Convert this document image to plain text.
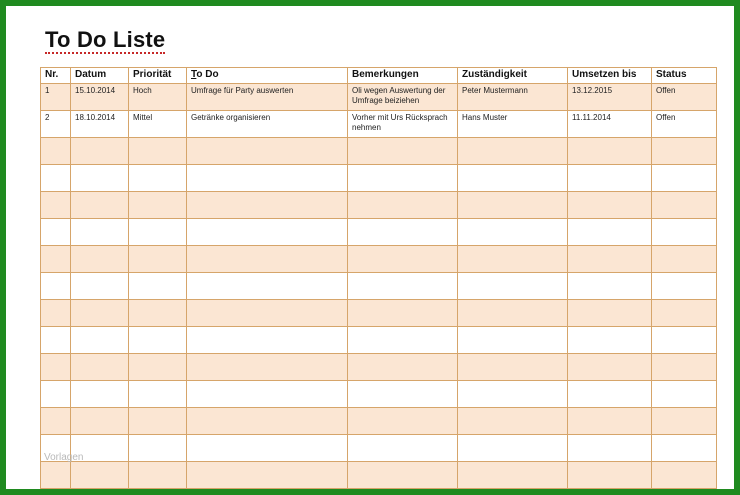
To Do Liste
Nr.	Datum	Priorität	To Do	Bemerkungen	Zuständigkeit	Umsetzen bis	Status
1	15.10.2014	Hoch	Umfrage für Party auswerten	Oli wegen Auswertung der Umfrage beiziehen	Peter Mustermann	13.12.2015	Offen
2	18.10.2014	Mittel	Getränke organisieren	Vorher mit Urs Rücksprach nehmen	Hans Muster	11.11.2014	Offen

Vorlagen
